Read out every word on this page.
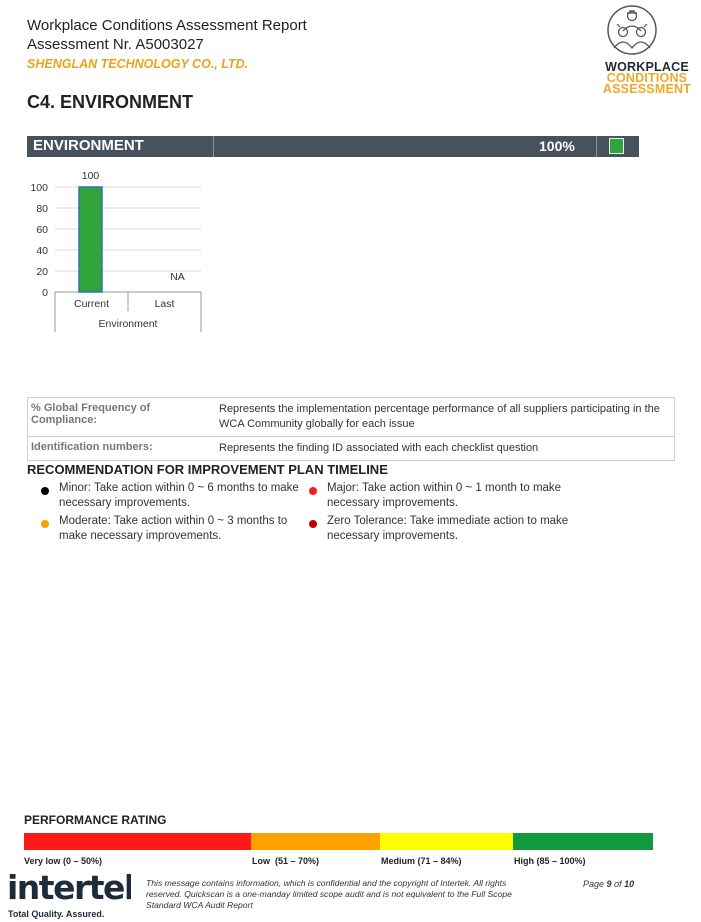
Workplace Conditions Assessment Report
Assessment Nr. A5003027
SHENGLAN TECHNOLOGY CO., LTD.	WORKPLACE
CONDITIONS
ASSESSMENT
C4. ENVIRONMENT
ENVIRONMENT	100%
0
20
40
60
80
100
100
Current
NA
Last
Environment
% Global Frequency of Compliance:
Represents the implementation percentage performance of all suppliers participating in the WCA Community globally for each issue
Identification numbers:	Represents the finding ID associated with each checklist question
RECOMMENDATION FOR IMPROVEMENT PLAN TIMELINE
Minor: Take action within 0 ~ 6 months to make
necessary improvements.
Major: Take action within 0 ~ 1 month to make
necessary improvements.
Moderate: Take action within 0 ~ 3 months to
make necessary improvements.
Zero Tolerance: Take immediate action to make
necessary improvements.
PERFORMANCE RATING
Very low (0 – 50%)	Low  (51 – 70%)	Medium (71 – 84%)	High (85 – 100%)
intertek
Total Quality. Assured.
This message contains information, which is confidential and the copyright of Intertek. All rights reserved. Quickscan is a one-manday limited scope audit and is not equivalent to the Full Scope Standard WCA Audit Report
Page 9 of 10
